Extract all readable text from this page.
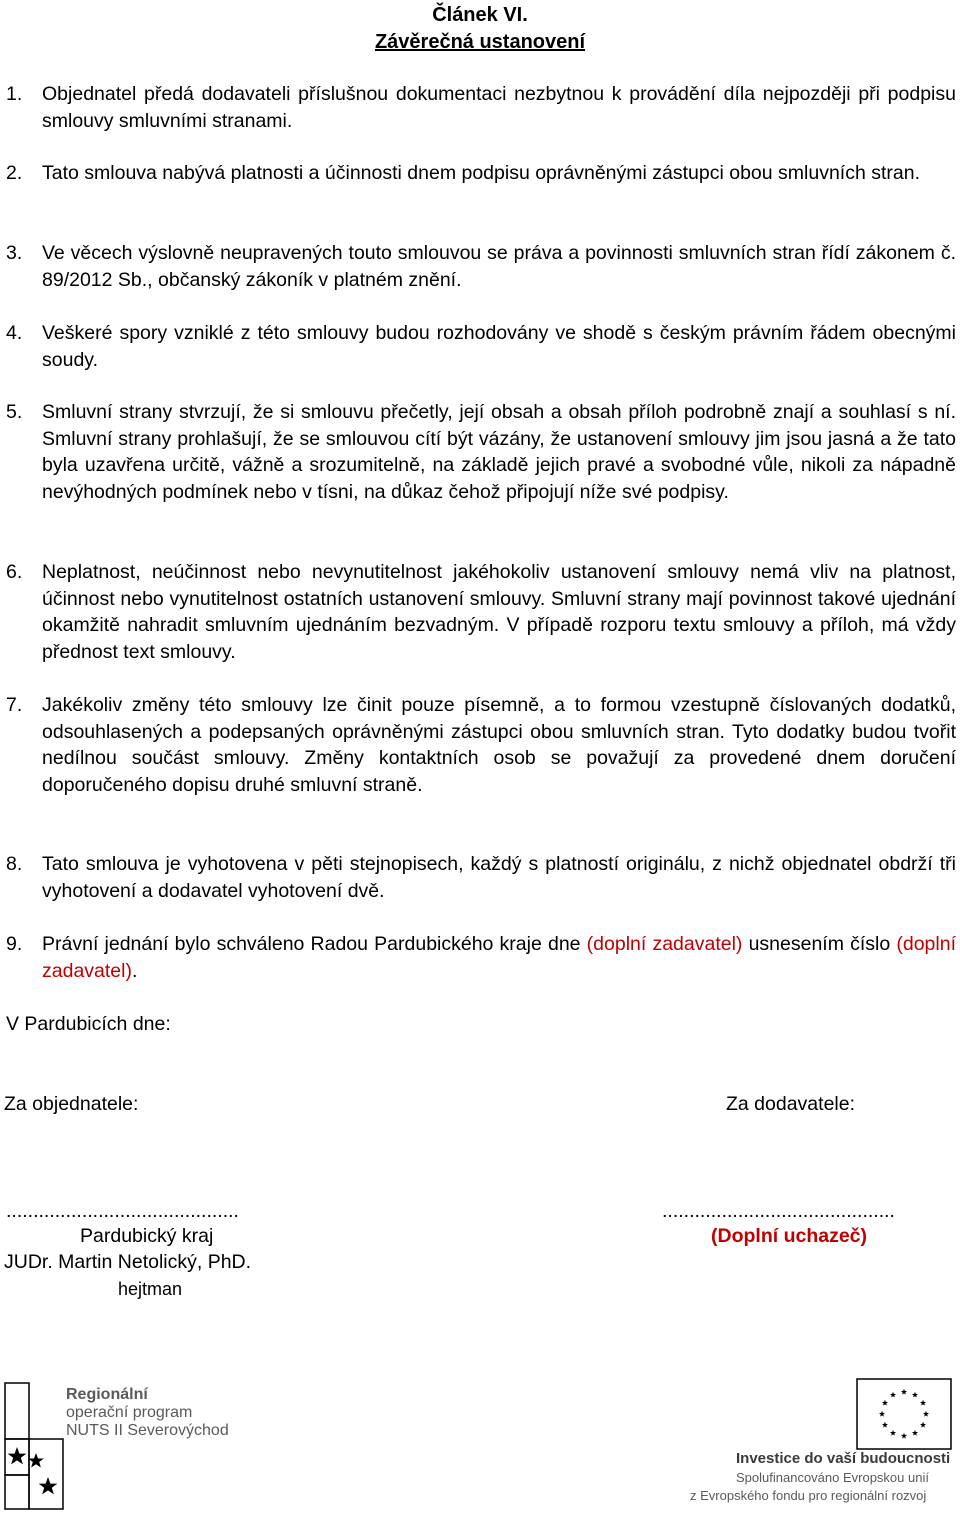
Článek VI.
Závěrečná ustanovení
1. Objednatel předá dodavateli příslušnou dokumentaci nezbytnou k provádění díla nejpozději při podpisu smlouvy smluvními stranami.
2. Tato smlouva nabývá platnosti a účinnosti dnem podpisu oprávněnými zástupci obou smluvních stran.
3. Ve věcech výslovně neupravených touto smlouvou se práva a povinnosti smluvních stran řídí zákonem č. 89/2012 Sb., občanský zákoník v platném znění.
4. Veškeré spory vzniklé z této smlouvy budou rozhodovány ve shodě s českým právním řádem obecnými soudy.
5. Smluvní strany stvrzují, že si smlouvu přečetly, její obsah a obsah příloh podrobně znají a souhlasí s ní. Smluvní strany prohlašují, že se smlouvou cítí být vázány, že ustanovení smlouvy jim jsou jasná a že tato byla uzavřena určitě, vážně a srozumitelně, na základě jejich pravé a svobodné vůle, nikoli za nápadně nevýhodných podmínek nebo v tísni, na důkaz čehož připojují níže své podpisy.
6. Neplatnost, neúčinnost nebo nevynutitelnost jakéhokoliv ustanovení smlouvy nemá vliv na platnost, účinnost nebo vynutitelnost ostatních ustanovení smlouvy. Smluvní strany mají povinnost takové ujednání okamžitě nahradit smluvním ujednáním bezvadným. V případě rozporu textu smlouvy a příloh, má vždy přednost text smlouvy.
7. Jakékoliv změny této smlouvy lze činit pouze písemně, a to formou vzestupně číslovaných dodatků, odsouhlasených a podepsaných oprávněnými zástupci obou smluvních stran. Tyto dodatky budou tvořit nedílnou součást smlouvy. Změny kontaktních osob se považují za provedené dnem doručení doporučeného dopisu druhé smluvní straně.
8. Tato smlouva je vyhotovena v pěti stejnopisech, každý s platností originálu, z nichž objednatel obdrží tři vyhotovení a dodavatel vyhotovení dvě.
9. Právní jednání bylo schváleno Radou Pardubického kraje dne (doplní zadavatel) usnesením číslo (doplní zadavatel).
V Pardubicích dne:
Za objednatele:	Za dodavatele:
...........................................	...........................................
Pardubický kraj	(Doplní uchazeč)
JUDr. Martin Netolický, PhD.
hejtman
Regionální
operační program
NUTS II Severovýchod
Investice do vaší budoucnosti
Spolufinancováno Evropskou unií
z Evropského fondu pro regionální rozvoj
